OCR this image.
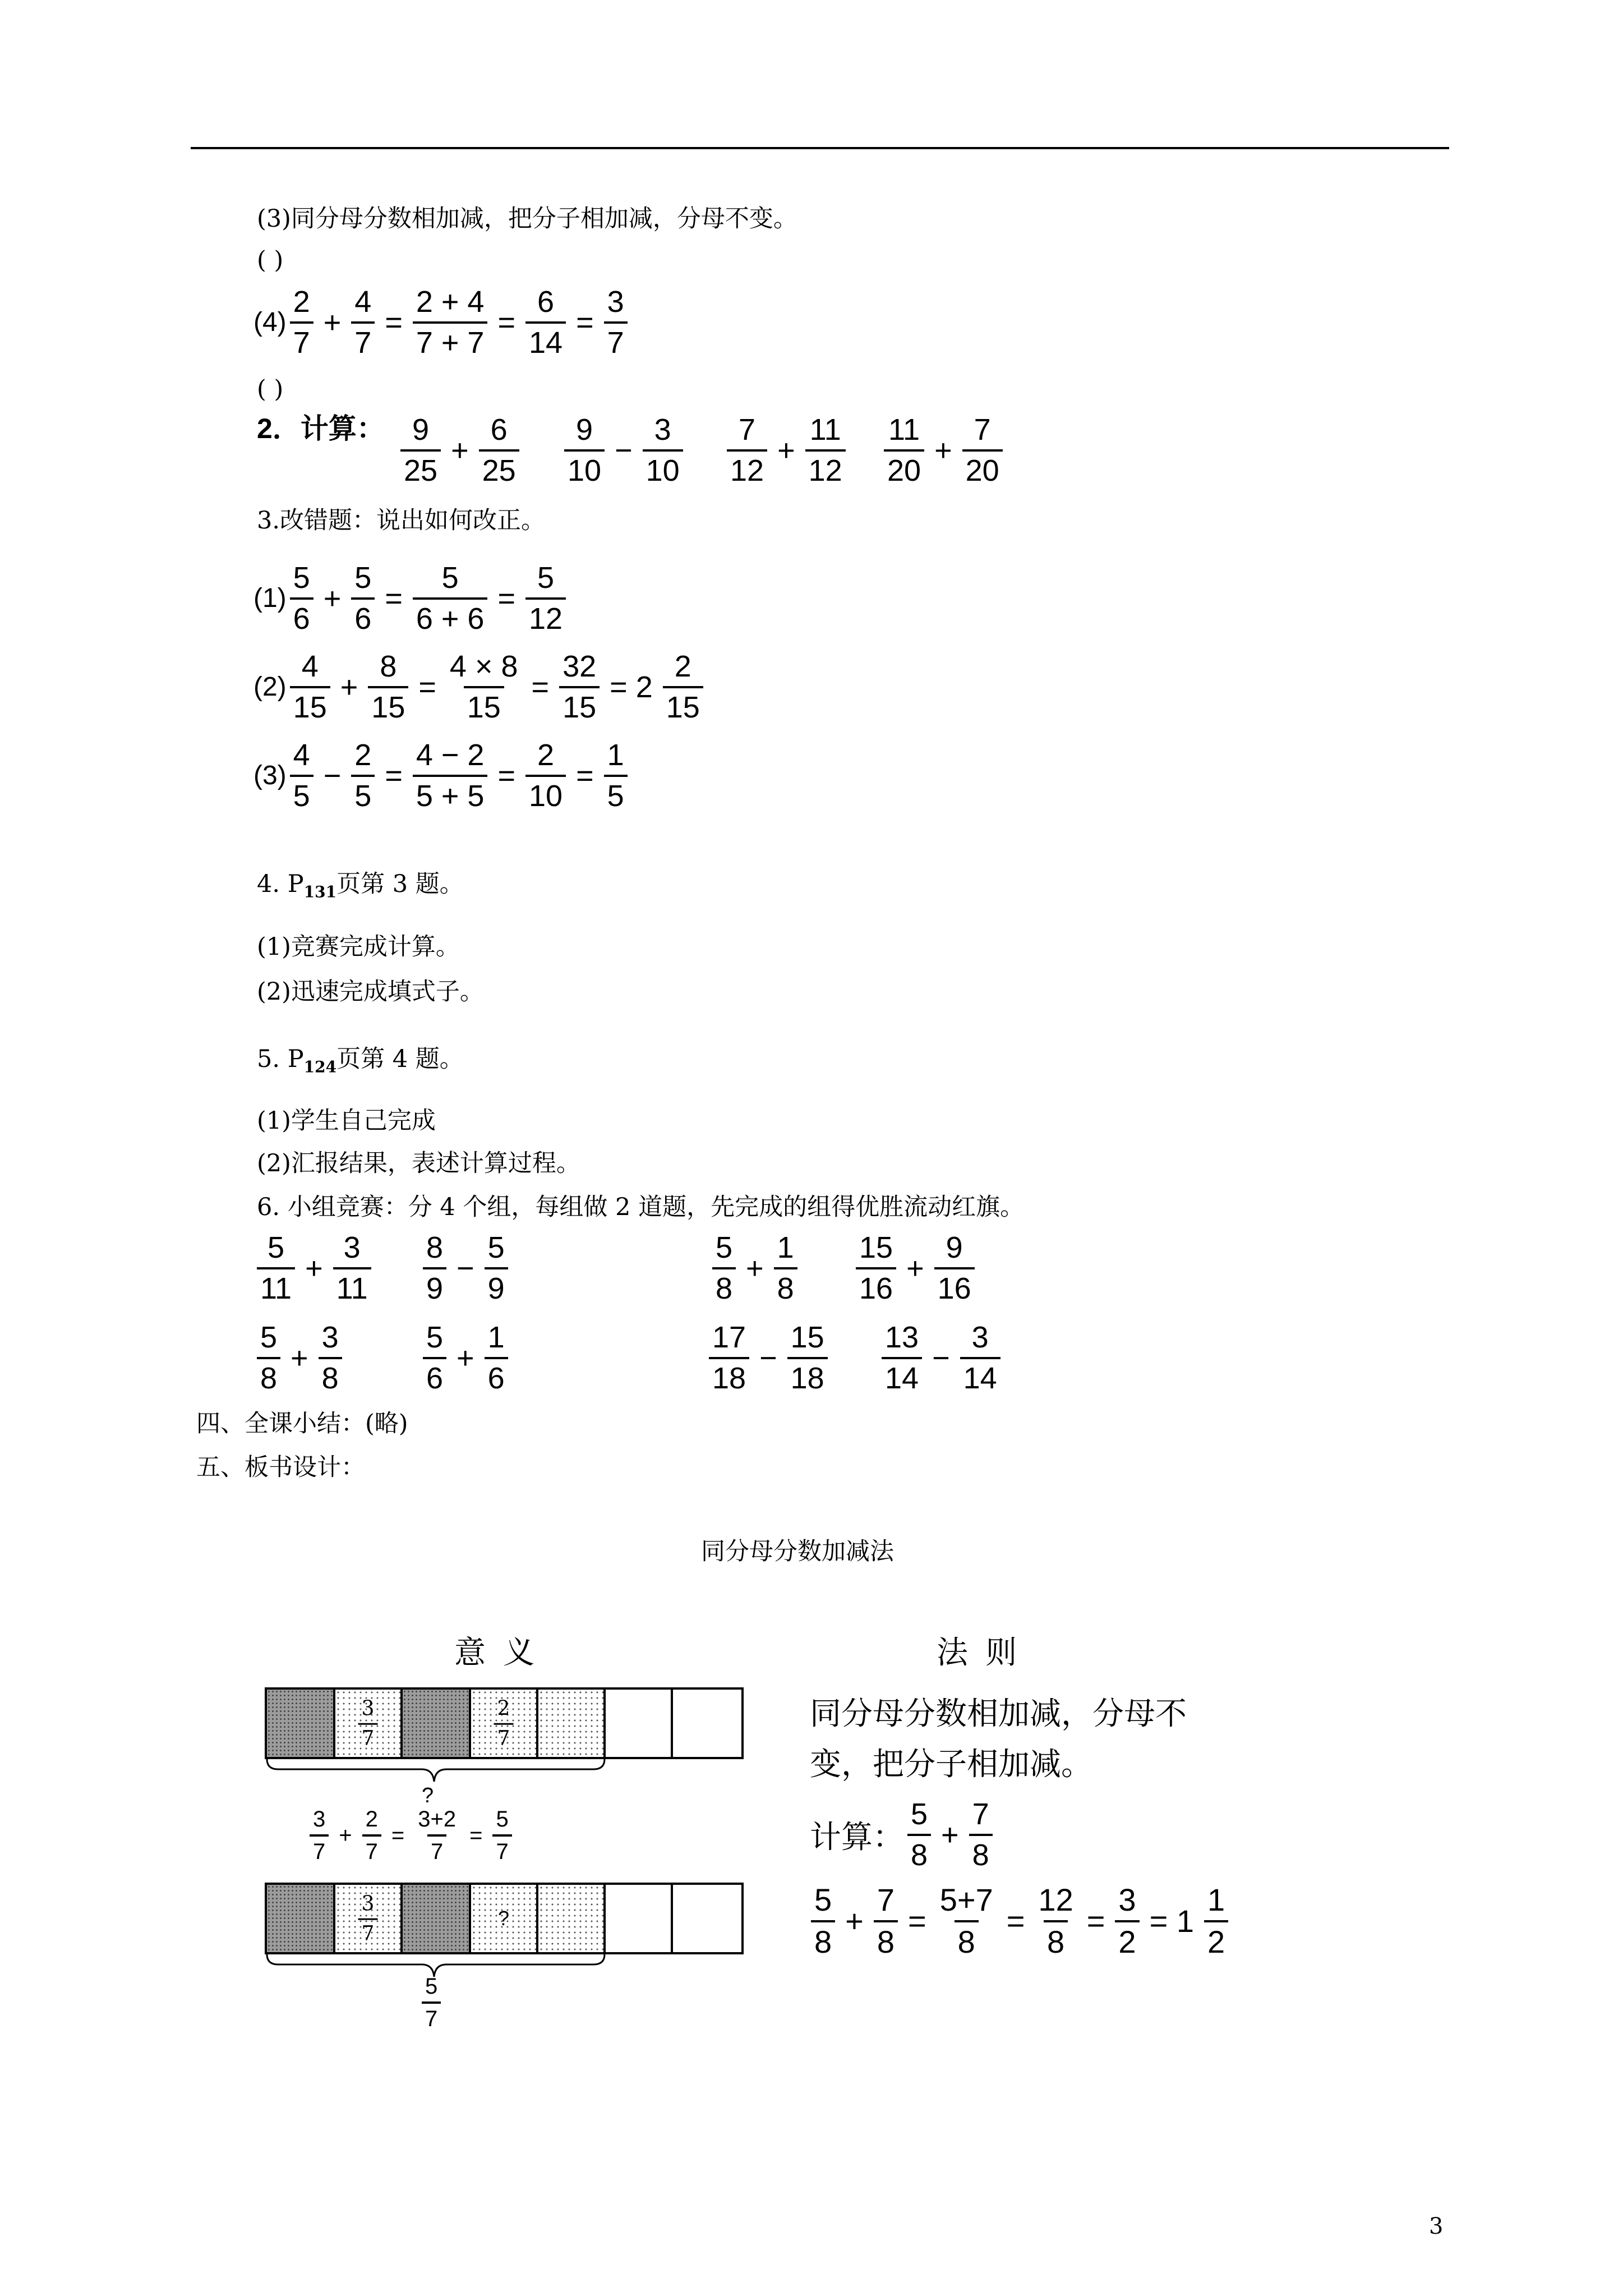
(3)同分母分数相加减，把分子相加减，分母不变。
( )
$(4) \frac{2}{7} + \frac{4}{7} = \frac{2 + 4}{7 + 7} = \frac{6}{14} = \frac{3}{7}$
( )
2．计算： $\frac{9}{25} + \frac{6}{25} \frac{9}{10} - \frac{3}{10} \frac{7}{12} + \frac{11}{12} \frac{11}{20} + \frac{7}{20}$
3.改错题：说出如何改正。
$(1) \frac{5}{6} + \frac{5}{6} = \frac{5}{6 + 6} = \frac{5}{12}$
$(2) \frac{4}{15} + \frac{8}{15} = \frac{4 \times 8}{15} = \frac{32}{15} = 2 \frac{2}{15}$
$(3) \frac{4}{5} - \frac{2}{5} = \frac{4 - 2}{5 + 5} = \frac{2}{10} = \frac{1}{5}$
4. $P_{131}$页第 3 题。
(1)竞赛完成计算。
(2)迅速完成填式子。
5. $P_{124}$页第 4 题。
(1)学生自己完成
(2)汇报结果，表述计算过程。
6. 小组竞赛：分 4 个组，每组做 2 道题，先完成的组得优胜流动红旗。
$\frac{5}{11} + \frac{3}{11} \frac{8}{9} - \frac{5}{9}$	$\frac{5}{8} + \frac{1}{8} \frac{15}{16} + \frac{9}{16}$
$\frac{5}{8} + \frac{3}{8}$	$\frac{5}{6} + \frac{1}{6}$	$\frac{17}{18} - \frac{15}{18} \frac{13}{14} - \frac{3}{14}$
四、全课小结：(略)
五、板书设计：
同分母分数加减法
意  义	法  则
$\frac{3}{7}$	$\frac{2}{7}$
?
$\frac{3}{7} + \frac{2}{7} = \frac{3+2}{7} = \frac{5}{7}$
$\frac{3}{7}$	?
$\frac{5}{7}$
同分母分数相加减，分母不
变，把分子相加减。
计算： $\frac{5}{8} + \frac{7}{8}$
$\frac{5}{8} + \frac{7}{8} = \frac{5+7}{8} = \frac{12}{8} = \frac{3}{2} = 1 \frac{1}{2}$
3
